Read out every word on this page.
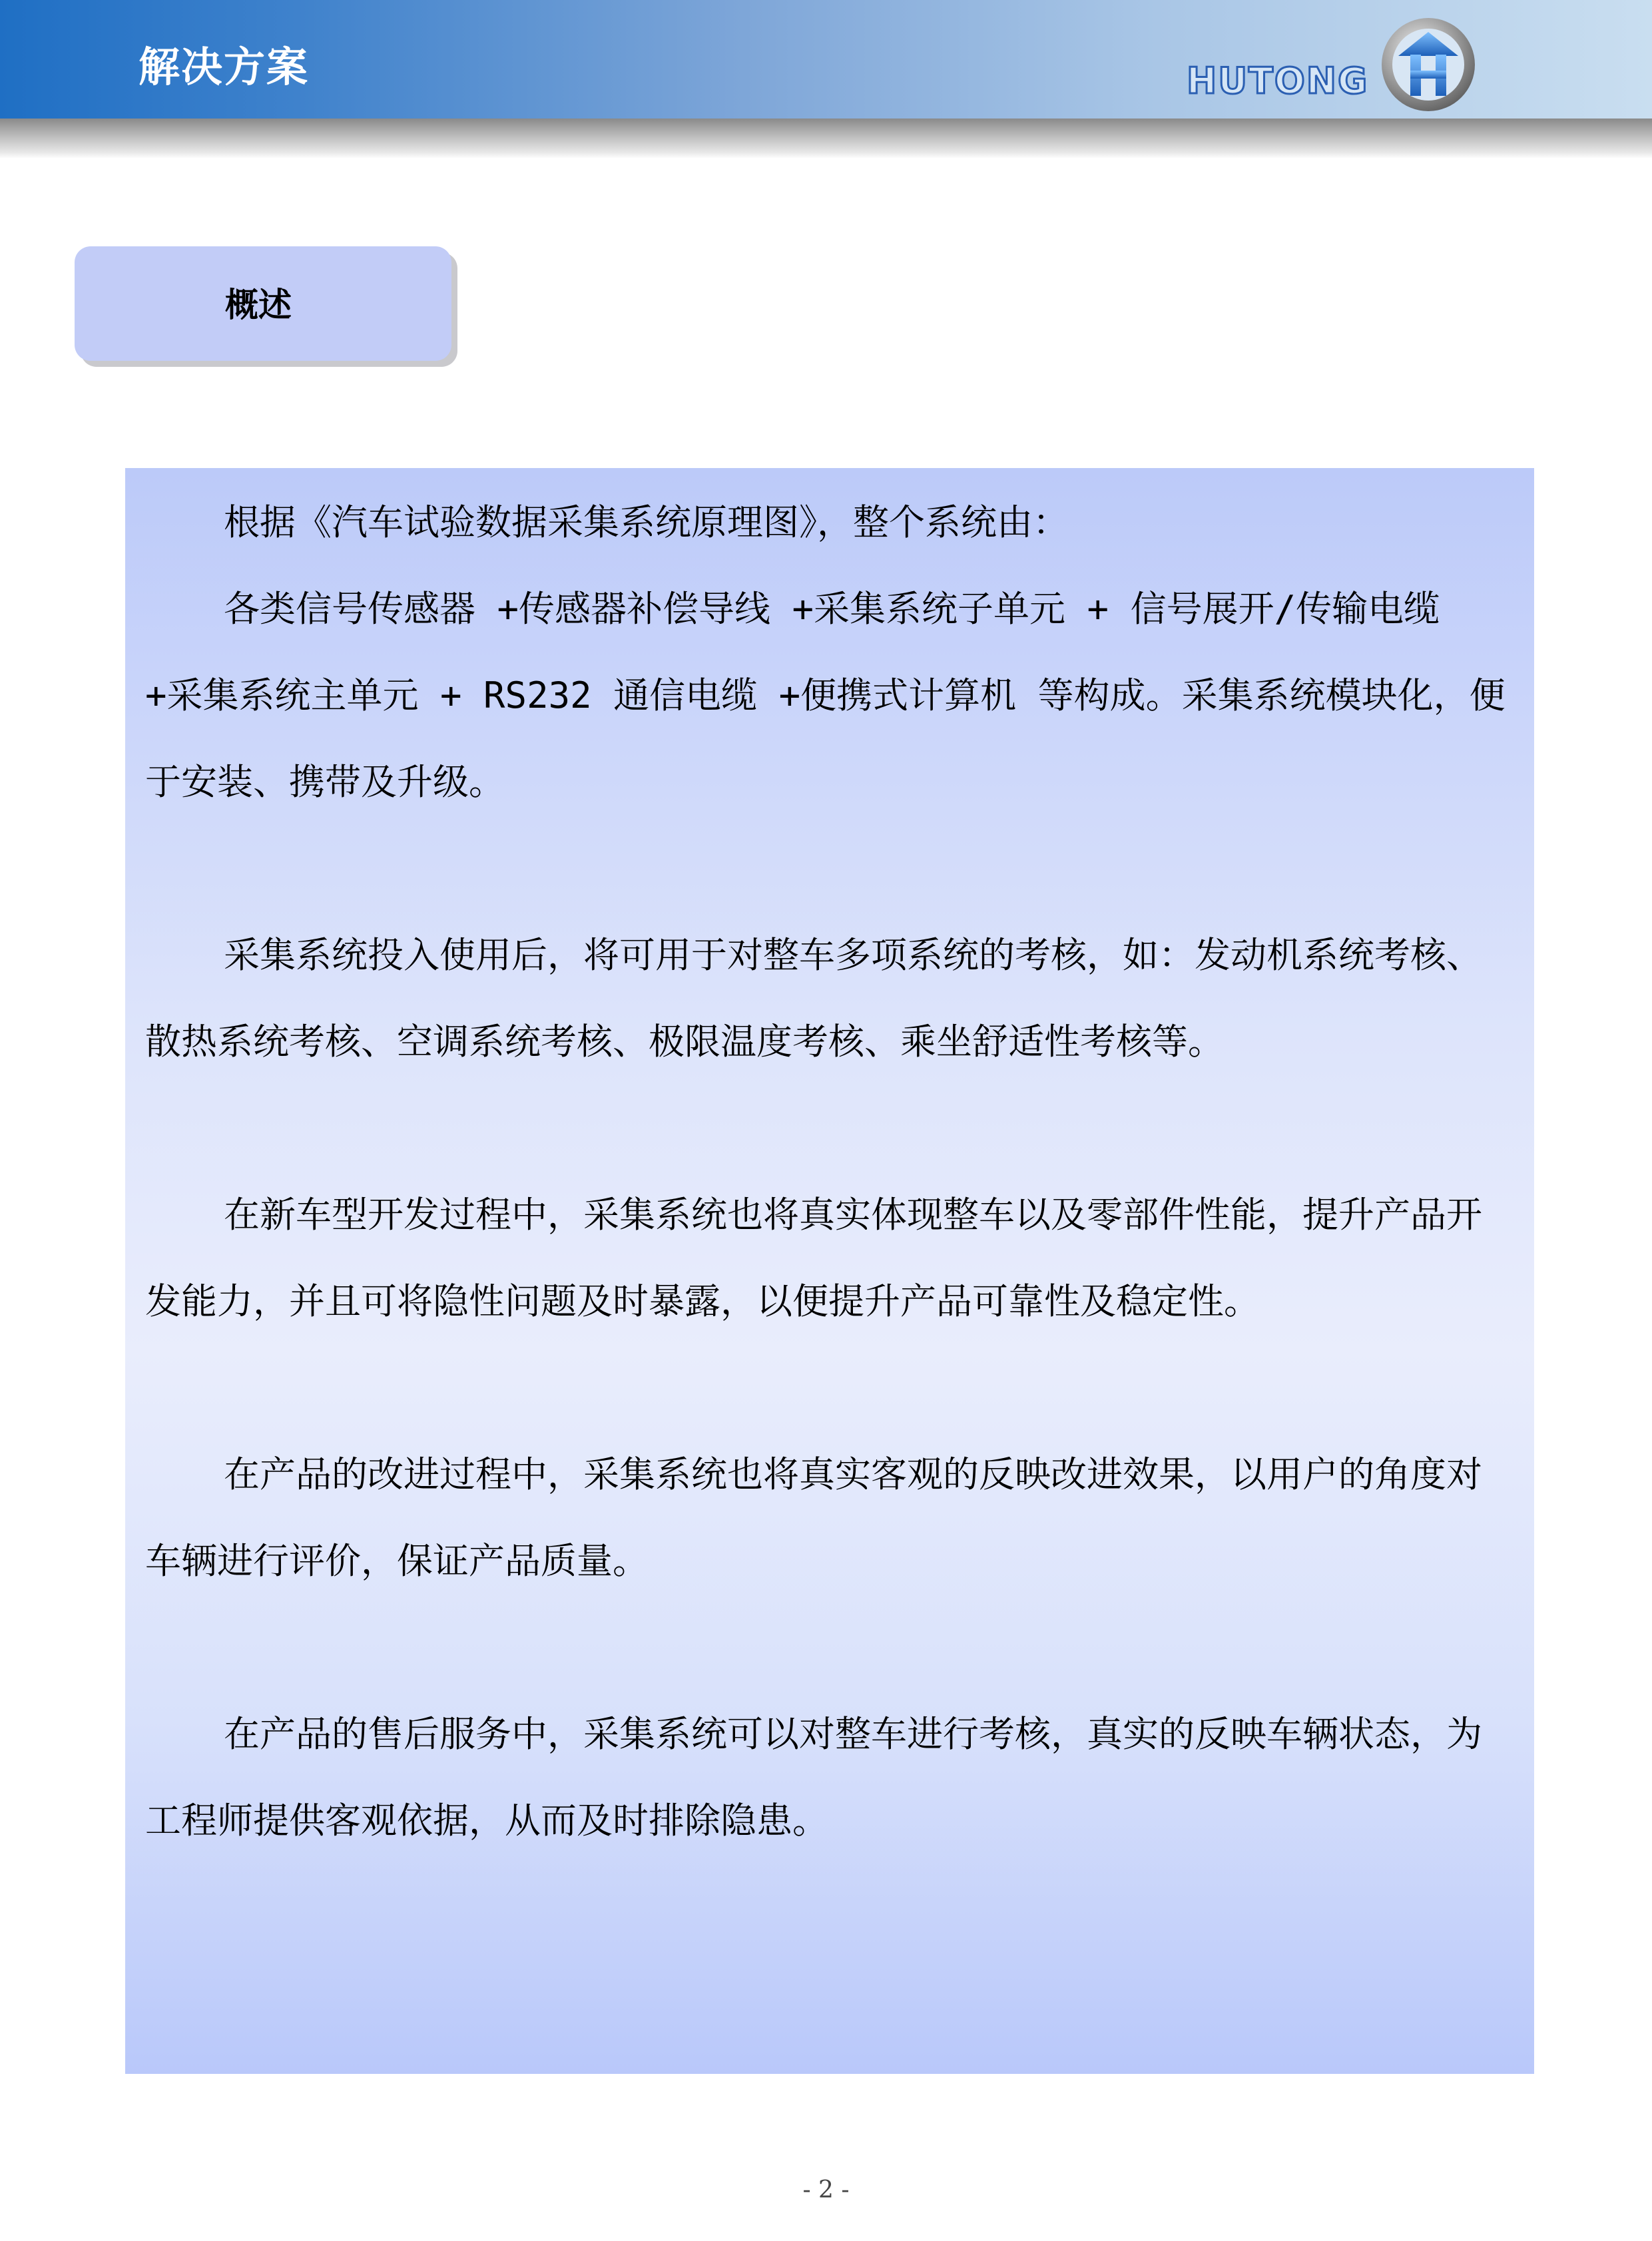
解决方案	HUTONG
概述

根据《汽车试验数据采集系统原理图》，整个系统由：

各类信号传感器 +传感器补偿导线 +采集系统子单元 + 信号展开/传输电缆 +采集系统主单元 + RS232 通信电缆 +便携式计算机 等构成。采集系统模块化，便于安装、携带及升级。

采集系统投入使用后，将可用于对整车多项系统的考核，如：发动机系统考核、散热系统考核、空调系统考核、极限温度考核、乘坐舒适性考核等。

在新车型开发过程中，采集系统也将真实体现整车以及零部件性能，提升产品开发能力，并且可将隐性问题及时暴露，以便提升产品可靠性及稳定性。

在产品的改进过程中，采集系统也将真实客观的反映改进效果，以用户的角度对车辆进行评价，保证产品质量。

在产品的售后服务中，采集系统可以对整车进行考核，真实的反映车辆状态，为工程师提供客观依据，从而及时排除隐患。

- 2 -
